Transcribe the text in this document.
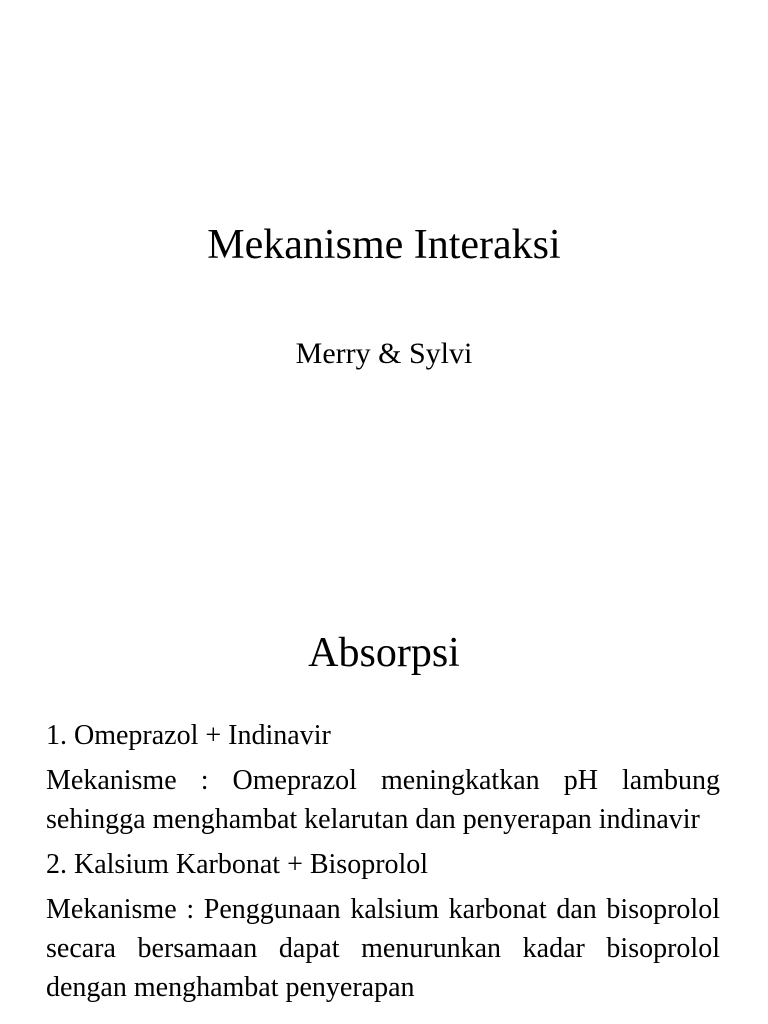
Mekanisme Interaksi

Merry & Sylvi

Absorpsi

1. Omeprazol + Indinavir

Mekanisme : Omeprazol meningkatkan pH lambung sehingga menghambat kelarutan dan penyerapan indinavir

2. Kalsium Karbonat + Bisoprolol

Mekanisme : Penggunaan kalsium karbonat dan bisoprolol secara bersamaan dapat menurunkan kadar bisoprolol dengan menghambat penyerapan
